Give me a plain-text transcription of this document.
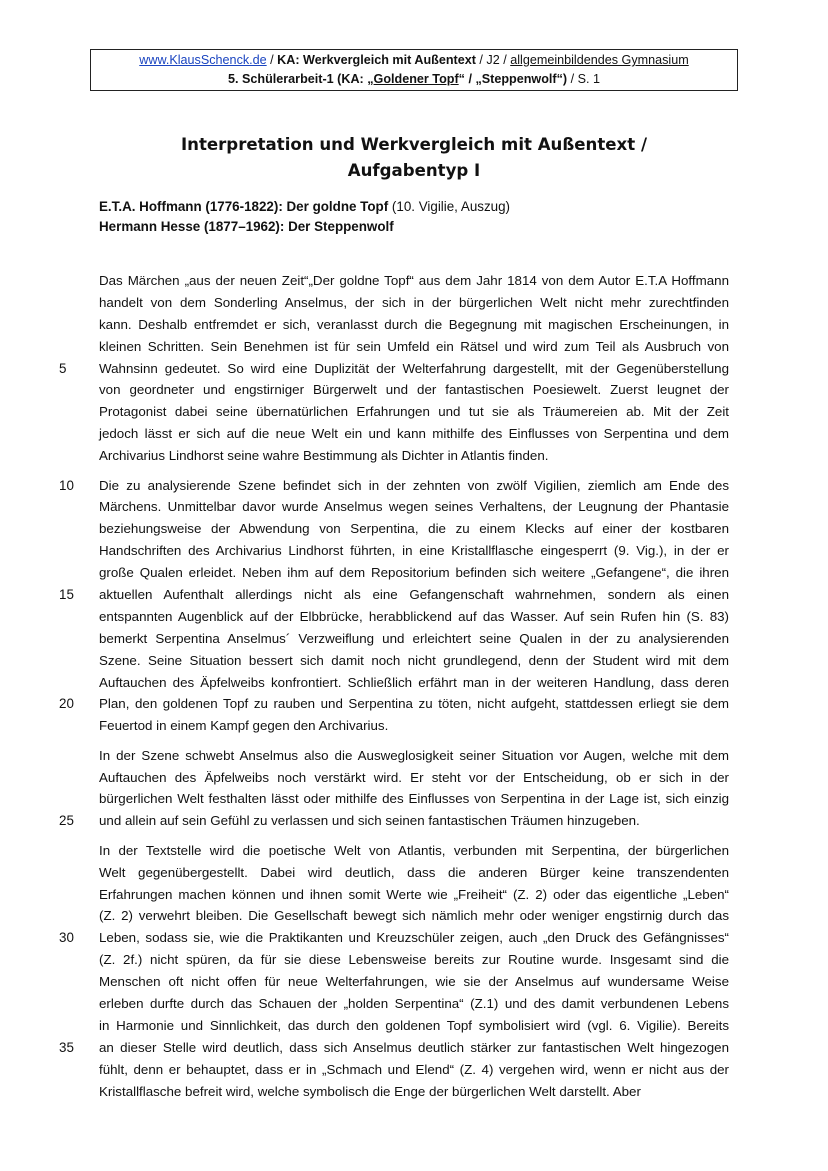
www.KlausSchenck.de / KA: Werkvergleich mit Außentext / J2 / allgemeinbildendes Gymnasium
5. Schülerarbeit-1 (KA: „Goldener Topf“ / „Steppenwolf“) / S. 1
Interpretation und Werkvergleich mit Außentext /
Aufgabentyp I
E.T.A. Hoffmann (1776-1822): Der goldne Topf (10. Vigilie, Auszug)
Hermann Hesse (1877–1962): Der Steppenwolf
5
10
15
20
25
30
35
Das Märchen „aus der neuen Zeit“„Der goldne Topf“ aus dem Jahr 1814 von dem Autor E.T.A Hoffmann
handelt von dem Sonderling Anselmus, der sich in der bürgerlichen Welt nicht mehr zurechtfinden
kann. Deshalb entfremdet er sich, veranlasst durch die Begegnung mit magischen Erscheinungen, in
kleinen Schritten. Sein Benehmen ist für sein Umfeld ein Rätsel und wird zum Teil als Ausbruch von
Wahnsinn gedeutet. So wird eine Duplizität der Welterfahrung dargestellt, mit der Gegenüberstellung
von geordneter und engstirniger Bürgerwelt und der fantastischen Poesiewelt. Zuerst leugnet der
Protagonist dabei seine übernatürlichen Erfahrungen und tut sie als Träumereien ab. Mit der Zeit
jedoch lässt er sich auf die neue Welt ein und kann mithilfe des Einflusses von Serpentina und dem
Archivarius Lindhorst seine wahre Bestimmung als Dichter in Atlantis finden.
Die zu analysierende Szene befindet sich in der zehnten von zwölf Vigilien, ziemlich am Ende des
Märchens. Unmittelbar davor wurde Anselmus wegen seines Verhaltens, der Leugnung der Phantasie
beziehungsweise der Abwendung von Serpentina, die zu einem Klecks auf einer der kostbaren
Handschriften des Archivarius Lindhorst führten, in eine Kristallflasche eingesperrt (9. Vig.), in der er
große Qualen erleidet. Neben ihm auf dem Repositorium befinden sich weitere „Gefangene“, die ihren
aktuellen Aufenthalt allerdings nicht als eine Gefangenschaft wahrnehmen, sondern als einen
entspannten Augenblick auf der Elbbrücke, herabblickend auf das Wasser. Auf sein Rufen hin (S. 83)
bemerkt Serpentina Anselmus´ Verzweiflung und erleichtert seine Qualen in der zu analysierenden
Szene. Seine Situation bessert sich damit noch nicht grundlegend, denn der Student wird mit dem
Auftauchen des Äpfelweibs konfrontiert. Schließlich erfährt man in der weiteren Handlung, dass deren
Plan, den goldenen Topf zu rauben und Serpentina zu töten, nicht aufgeht, stattdessen erliegt sie dem
Feuertod in einem Kampf gegen den Archivarius.
In der Szene schwebt Anselmus also die Ausweglosigkeit seiner Situation vor Augen, welche mit dem
Auftauchen des Äpfelweibs noch verstärkt wird. Er steht vor der Entscheidung, ob er sich in der
bürgerlichen Welt festhalten lässt oder mithilfe des Einflusses von Serpentina in der Lage ist, sich einzig
und allein auf sein Gefühl zu verlassen und sich seinen fantastischen Träumen hinzugeben.
In der Textstelle wird die poetische Welt von Atlantis, verbunden mit Serpentina, der bürgerlichen
Welt gegenübergestellt. Dabei wird deutlich, dass die anderen Bürger keine transzendenten
Erfahrungen machen können und ihnen somit Werte wie „Freiheit“ (Z. 2) oder das eigentliche „Leben“
(Z. 2) verwehrt bleiben. Die Gesellschaft bewegt sich nämlich mehr oder weniger engstirnig durch das
Leben, sodass sie, wie die Praktikanten und Kreuzschüler zeigen, auch „den Druck des Gefängnisses“
(Z. 2f.) nicht spüren, da für sie diese Lebensweise bereits zur Routine wurde. Insgesamt sind die
Menschen oft nicht offen für neue Welterfahrungen, wie sie der Anselmus auf wundersame Weise
erleben durfte durch das Schauen der „holden Serpentina“ (Z.1) und des damit verbundenen Lebens
in Harmonie und Sinnlichkeit, das durch den goldenen Topf symbolisiert wird (vgl. 6. Vigilie). Bereits
an dieser Stelle wird deutlich, dass sich Anselmus deutlich stärker zur fantastischen Welt hingezogen
fühlt, denn er behauptet, dass er in „Schmach und Elend“ (Z. 4) vergehen wird, wenn er nicht aus der
Kristallflasche befreit wird, welche symbolisch die Enge der bürgerlichen Welt darstellt. Aber
